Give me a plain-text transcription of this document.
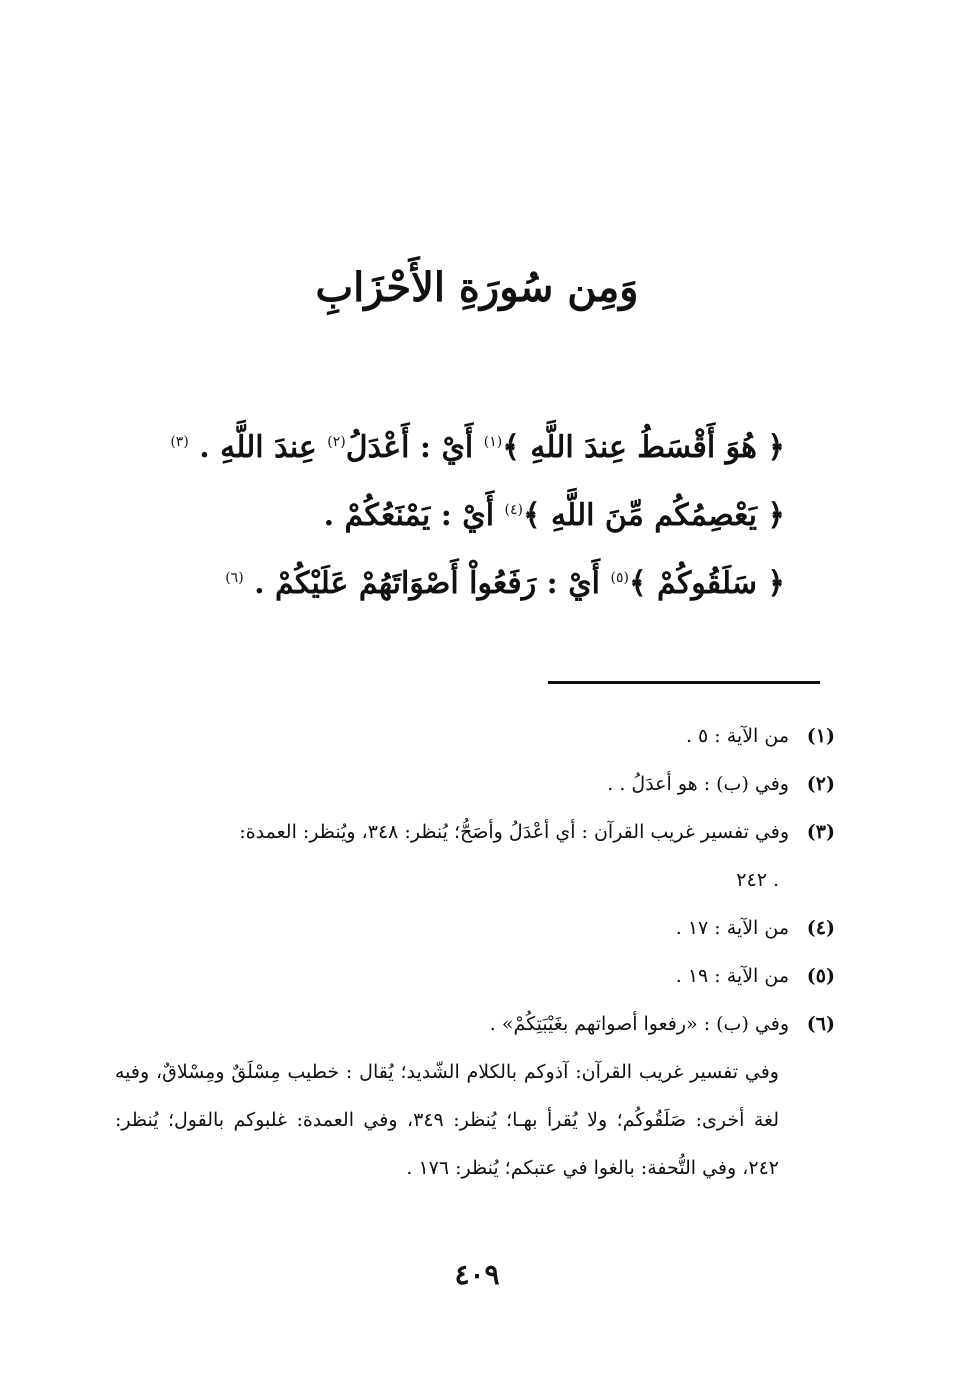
وَمِن سُورَةِ الأَحْزَابِ
﴿ هُوَ أَقْسَطُ عِندَ اللَّهِ ﴾$^{(١)}$ أَيْ : أَعْدَلُ$^{(٢)}$ عِندَ اللَّهِ . $^{(٣)}$
﴿ يَعْصِمُكُم مِّنَ اللَّهِ ﴾$^{(٤)}$ أَيْ : يَمْنَعُكُمْ .
﴿ سَلَقُوكُمْ ﴾$^{(٥)}$ أَيْ : رَفَعُواْ أَصْوَاتَهُمْ عَلَيْكُمْ . $^{(٦)}$
(١)
من الآية : ٥ .
(٢)
وفي (ب) : هو أعدَلُ . .
(٣)
وفي تفسير غريب القرآن : أي أعْدَلُ وأصَحُّ؛ يُنظر: ٣٤٨، ويُنظر: العمدة:
٢٤٢ .
(٤)
من الآية : ١٧ .
(٥)
من الآية : ١٩ .
(٦)
وفي (ب) : «رفعوا أصواتهم بغَيْبَتِكُمْ» .
وفي تفسير غريب القرآن: آذوكم بالكلام الشّديد؛ يُقال : خطيب مِسْلَقٌ ومِسْلاقٌ، وفيه لغة أخرى: صَلَقُوكُم؛ ولا يُقرأ بهـا؛ يُنظر: ٣٤٩، وفي العمدة: غلبوكم بالقول؛ يُنظر: ٢٤٢، وفي التُّحفة: بالغوا في عتبكم؛ يُنظر: ١٧٦ .
٤٠٩
